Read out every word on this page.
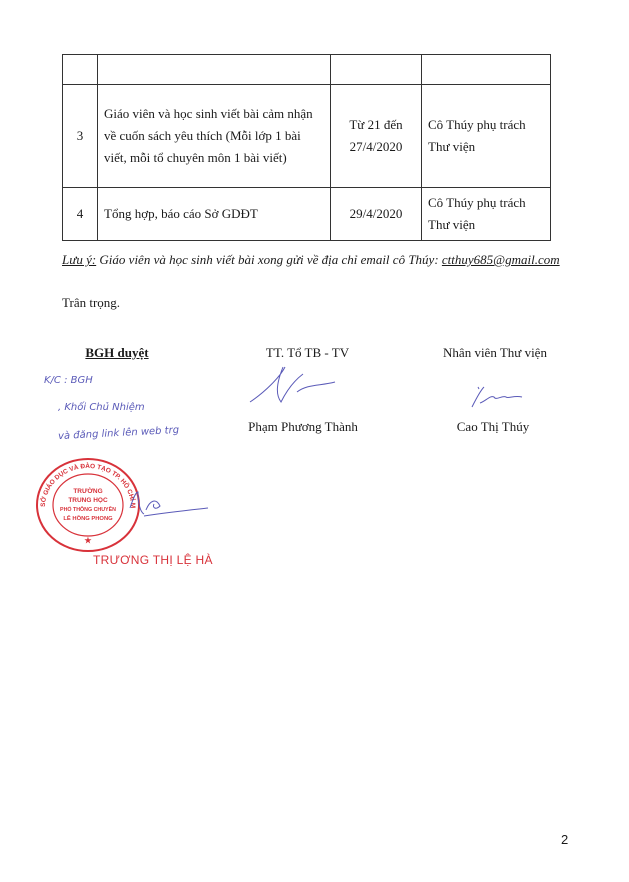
3	Giáo viên và học sinh viết bài cảm nhận về cuốn sách yêu thích (Mỗi lớp 1 bài viết, mỗi tổ chuyên môn 1 bài viết)	Từ 21 đến 27/4/2020	Cô Thúy phụ trách Thư viện
4	Tổng hợp, báo cáo Sở GDĐT	29/4/2020	Cô Thúy phụ trách Thư viện
Lưu ý: Giáo viên và học sinh viết bài xong gửi về địa chỉ email cô Thúy: ctthuy685@gmail.com
Trân trọng.
BGH duyệt	TT. Tổ TB - TV	Nhân viên Thư viện
Phạm Phương Thành	Cao Thị Thúy
K/C : BGH
, Khối Chủ Nhiệm
và đăng link lên web trg
SỞ GIÁO DỤC VÀ ĐÀO TẠO TP. HỒ CHÍ MINH
TRƯỜNG
TRUNG HỌC
PHỔ THÔNG CHUYÊN
LÊ HỒNG PHONG
★
TRƯƠNG THỊ LỆ HÀ
2
